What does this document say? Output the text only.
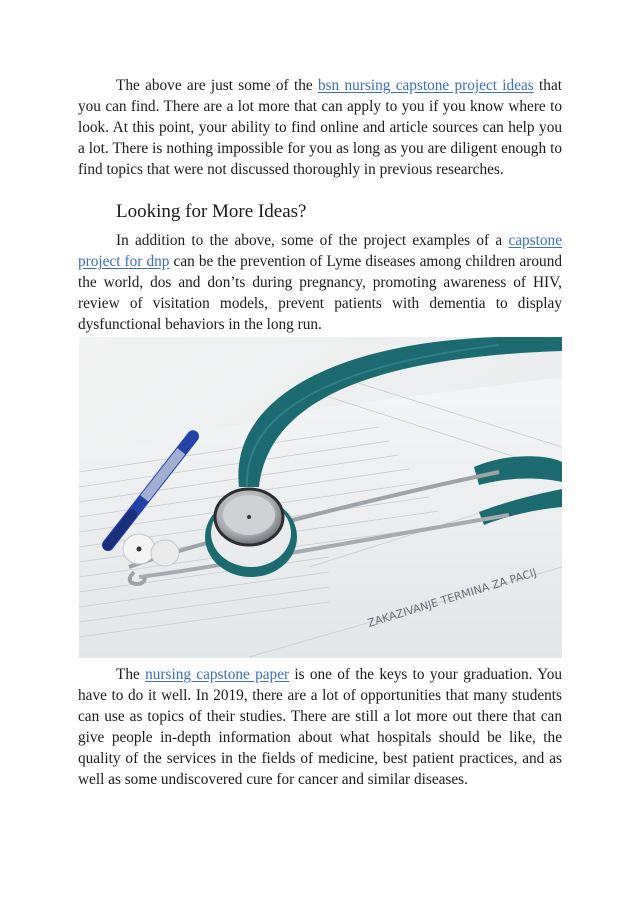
The above are just some of the bsn nursing capstone project ideas that you can find. There are a lot more that can apply to you if you know where to look. At this point, your ability to find online and article sources can help you a lot. There is nothing impossible for you as long as you are diligent enough to find topics that were not discussed thoroughly in previous researches.

Looking for More Ideas?

In addition to the above, some of the project examples of a capstone project for dnp can be the prevention of Lyme diseases among children around the world, dos and don’ts during pregnancy, promoting awareness of HIV, review of visitation models, prevent patients with dementia to display dysfunctional behaviors in the long run.

ZAKAZIVANJE TERMINA ZA PACIJ

The nursing capstone paper is one of the keys to your graduation. You have to do it well. In 2019, there are a lot of opportunities that many students can use as topics of their studies. There are still a lot more out there that can give people in-depth information about what hospitals should be like, the quality of the services in the fields of medicine, best patient practices, and as well as some undiscovered cure for cancer and similar diseases.
